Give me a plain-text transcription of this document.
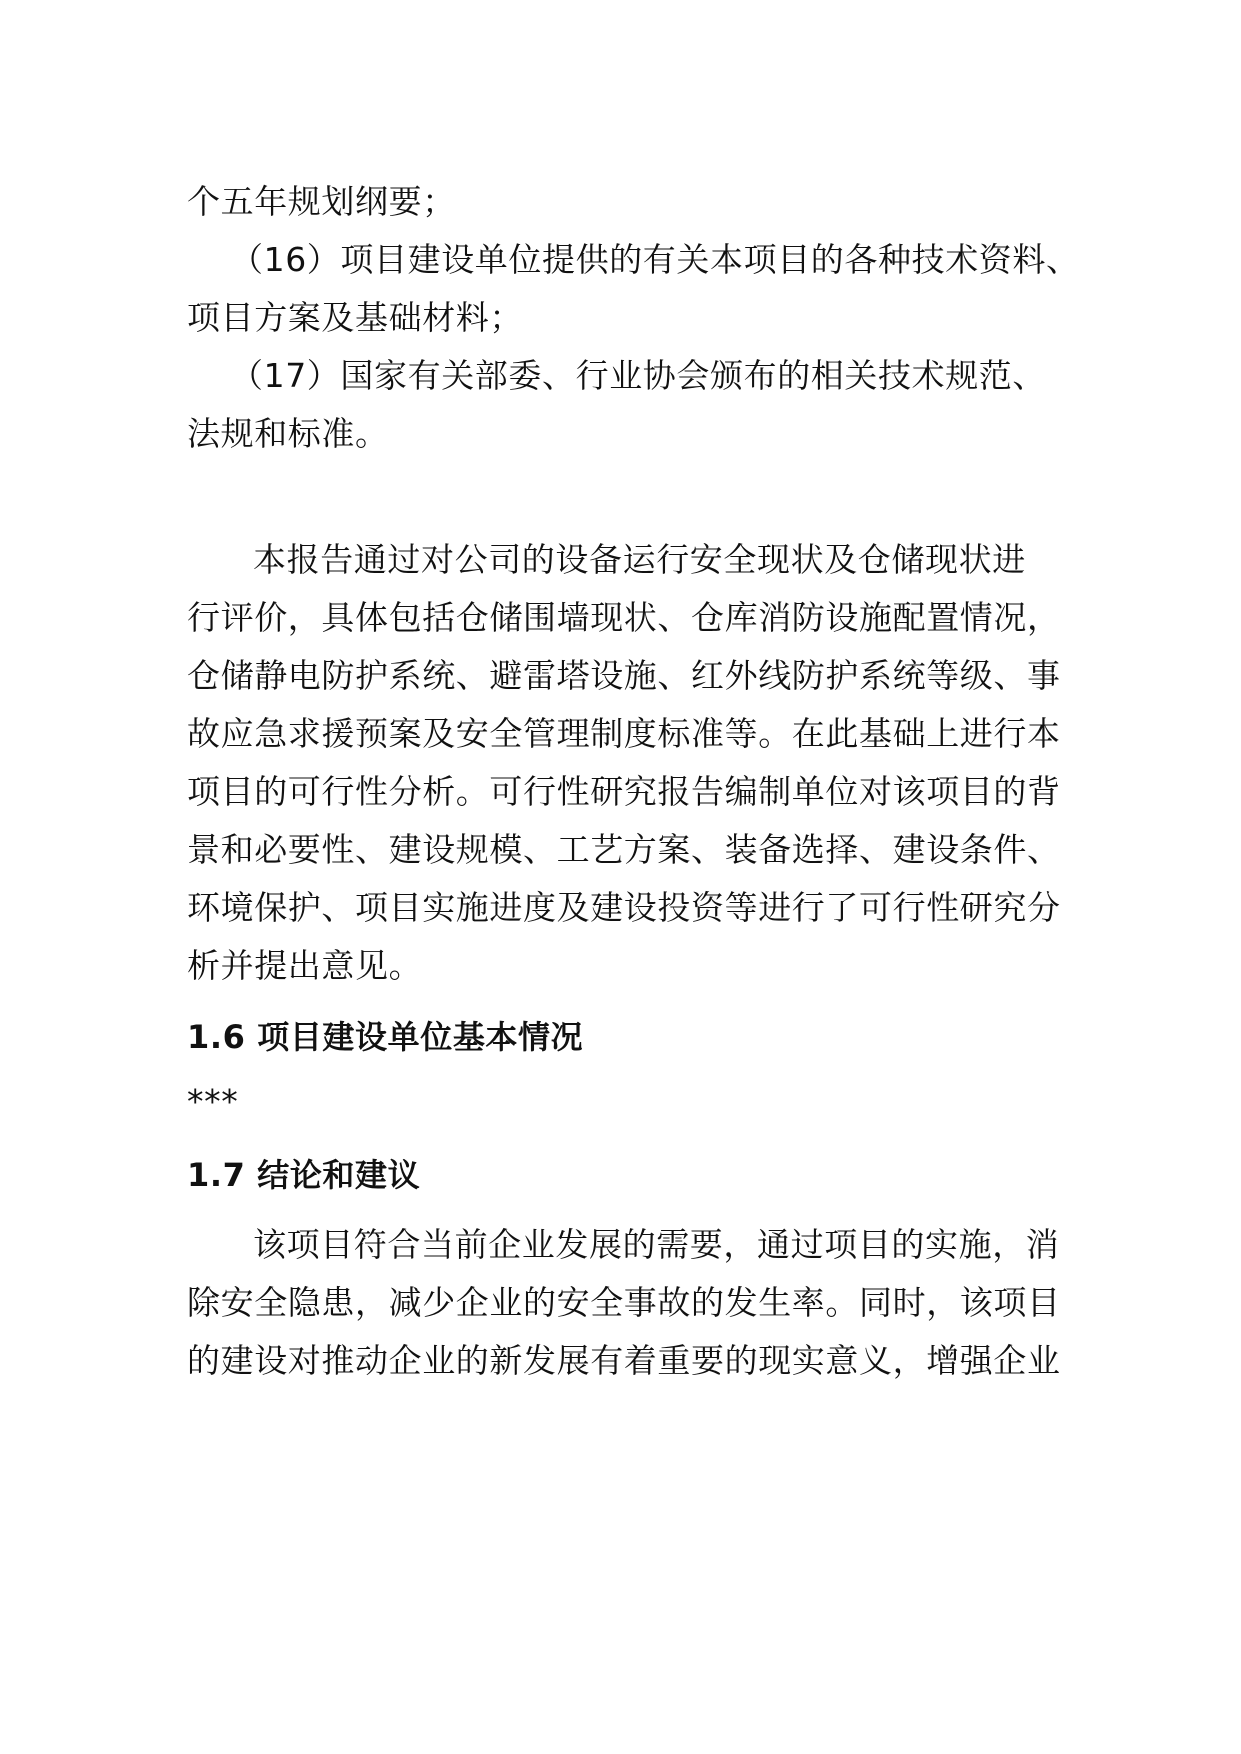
个五年规划纲要；
（16）项目建设单位提供的有关本项目的各种技术资料、
项目方案及基础材料；
（17）国家有关部委、行业协会颁布的相关技术规范、
法规和标准。
本报告通过对公司的设备运行安全现状及仓储现状进
行评价，具体包括仓储围墙现状、仓库消防设施配置情况，
仓储静电防护系统、避雷塔设施、红外线防护系统等级、事
故应急求援预案及安全管理制度标准等。在此基础上进行本
项目的可行性分析。可行性研究报告编制单位对该项目的背
景和必要性、建设规模、工艺方案、装备选择、建设条件、
环境保护、项目实施进度及建设投资等进行了可行性研究分
析并提出意见。
1.6 项目建设单位基本情况
***
1.7 结论和建议
该项目符合当前企业发展的需要，通过项目的实施，消
除安全隐患，减少企业的安全事故的发生率。同时，该项目
的建设对推动企业的新发展有着重要的现实意义，增强企业
